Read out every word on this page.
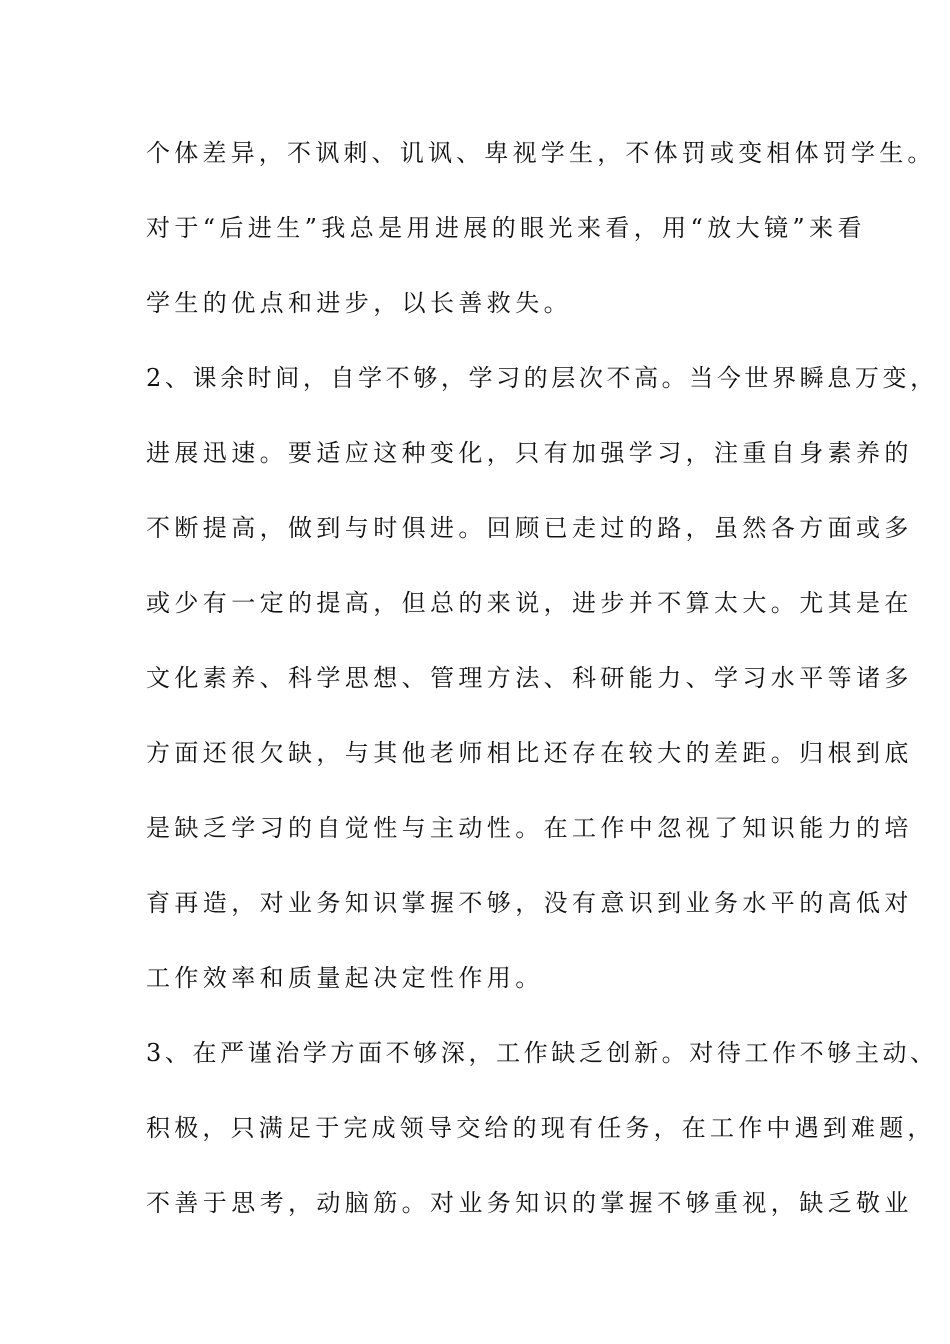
个体差异，不讽刺、讥讽、卑视学生，不体罚或变相体罚学生。
对于“后进生”我总是用进展的眼光来看，用“放大镜”来看
学生的优点和进步，以长善救失。
2、课余时间，自学不够，学习的层次不高。当今世界瞬息万变，
进展迅速。要适应这种变化，只有加强学习，注重自身素养的
不断提高，做到与时俱进。回顾已走过的路，虽然各方面或多
或少有一定的提高，但总的来说，进步并不算太大。尤其是在
文化素养、科学思想、管理方法、科研能力、学习水平等诸多
方面还很欠缺，与其他老师相比还存在较大的差距。归根到底
是缺乏学习的自觉性与主动性。在工作中忽视了知识能力的培
育再造，对业务知识掌握不够，没有意识到业务水平的高低对
工作效率和质量起决定性作用。
3、在严谨治学方面不够深，工作缺乏创新。对待工作不够主动、
积极，只满足于完成领导交给的现有任务，在工作中遇到难题，
不善于思考，动脑筋。对业务知识的掌握不够重视，缺乏敬业
